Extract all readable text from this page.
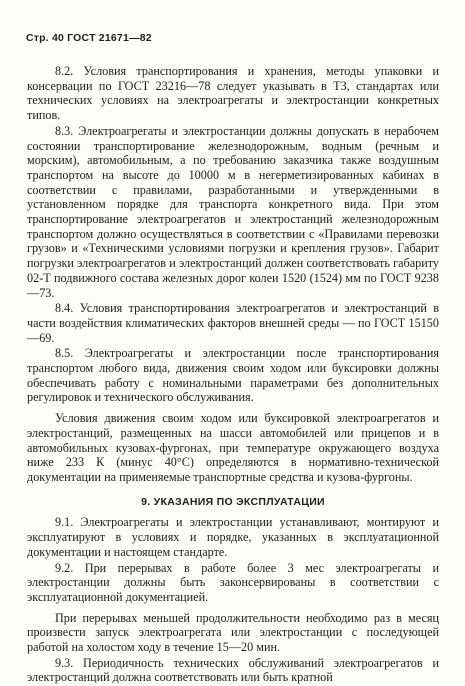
Стр. 40 ГОСТ 21671—82

8.2. Условия транспортирования и хранения, методы упаковки и консервации по ГОСТ 23216—78 следует указывать в ТЗ, стандартах или технических условиях на электроагрегаты и электростанции конкретных типов.

8.3. Электроагрегаты и электростанции должны допускать в нерабочем состоянии транспортирование железнодорожным, водным (речным и морским), автомобильным, а по требованию заказчика также воздушным транспортом на высоте до 10000 м в негерметизированных кабинах в соответствии с правилами, разработанными и утвержденными в установленном порядке для транспорта конкретного вида. При этом транспортирование электроагрегатов и электростанций железнодорожным транспортом должно осуществляться в соответствии с «Правилами перевозки грузов» и «Техническими условиями погрузки и крепления грузов». Габарит погрузки электроагрегатов и электростанций должен соответствовать габариту 02-Т подвижного состава железных дорог колеи 1520 (1524) мм по ГОСТ 9238—73.

8.4. Условия транспортирования электроагрегатов и электростанций в части воздействия климатических факторов внешней среды — по ГОСТ 15150—69.

8.5. Электроагрегаты и электростанции после транспортирования транспортом любого вида, движения своим ходом или буксировки должны обеспечивать работу с номинальными параметрами без дополнительных регулировок и технического обслуживания.

Условия движения своим ходом или буксировкой электроагрегатов и электростанций, размещенных на шасси автомобилей или прицепов и в автомобильных кузовах-фургонах, при температуре окружающего воздуха ниже 233 К (минус 40°С) определяются в нормативно-технической документации на применяемые транспортные средства и кузова-фургоны.

9. УКАЗАНИЯ ПО ЭКСПЛУАТАЦИИ

9.1. Электроагрегаты и электростанции устанавливают, монтируют и эксплуатируют в условиях и порядке, указанных в эксплуатационной документации и настоящем стандарте.

9.2. При перерывах в работе более 3 мес электроагрегаты и электростанции должны быть законсервированы в соответствии с эксплуатационной документацией.

При перерывах меньшей продолжительности необходимо раз в месяц произвести запуск электроагрегата или электростанции с последующей работой на холостом ходу в течение 15—20 мин.

9.3. Периодичность технических обслуживаний электроагрегатов и электростанций должна соответствовать или быть кратной
